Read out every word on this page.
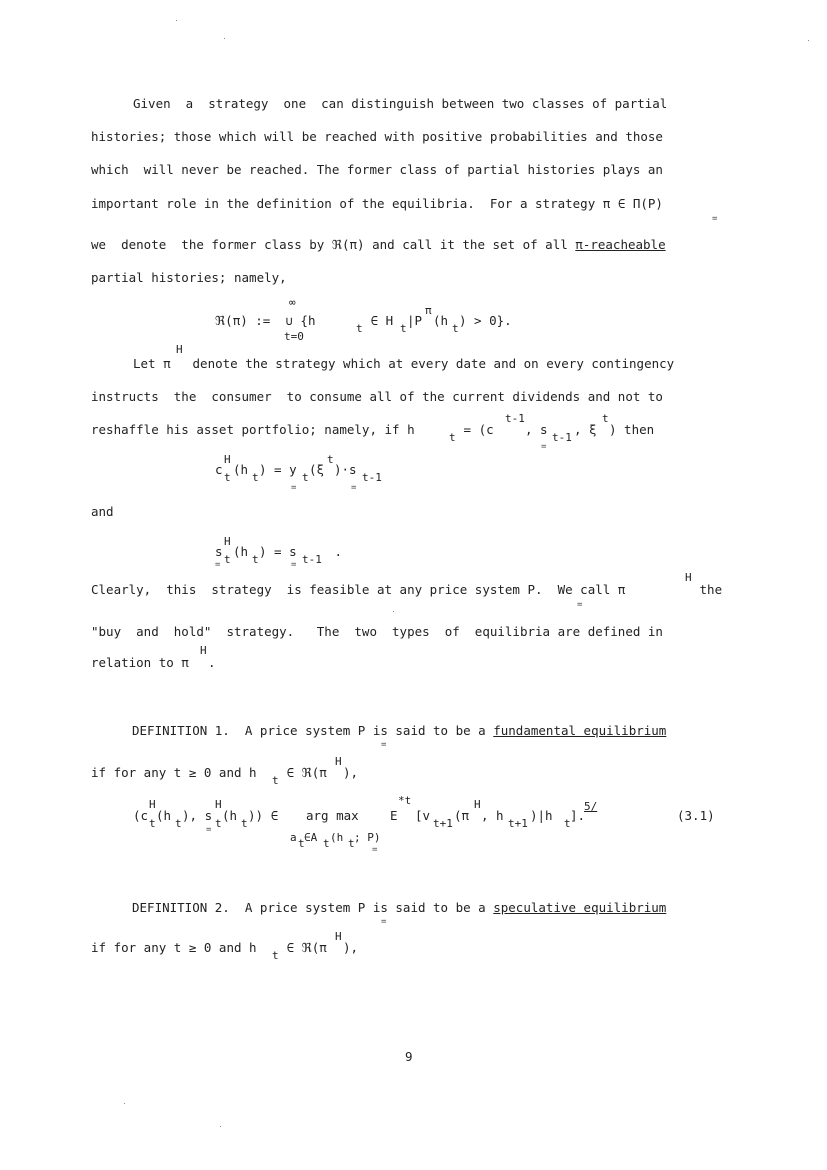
Given  a  strategy  one  can distinguish between two classes of partial
histories; those which will be reached with positive probabilities and those
which  will never be reached. The former class of partial histories plays an
important role in the definition of the equilibria.  For a strategy π ∈ Π(P)
=
we  denote  the former class by ℜ(π) and call it the set of all π-reacheable
partial histories; namely,
∞
ℜ(π) :=  ∪ {h
t
∈ H
t
|P
π
(h
t
) > 0}.
t=0
Let π
H
denote the strategy which at every date and on every contingency
instructs  the  consumer  to consume all of the current dividends and not to
reshaffle his asset portfolio; namely, if h
t
= (c
t-1
, s
t-1
=
, ξ
t
) then
c
H
t
(h
t
) = y
t
=
(ξ
t
)·s
t-1
=
and
s
H
t
=
(h
t
) = s
t-1
=
.
Clearly,  this  strategy  is feasible at any price system P.  We call π
=
H
the
"buy  and  hold"  strategy.   The  two  types  of  equilibria are defined in
relation to π
H
.
DEFINITION 1.  A price system P is said to be a fundamental equilibrium
=
if for any t ≥ 0 and h
t
∈ ℜ(π
H
),
(c
H
t
(h
t
), s
H
t
=
(h
t
)) ∈ arg max
a t ∈A t (h t ; P)
=
E
*t
[v
t+1
(π
H
, h
t+1
)|h
t
].
5/
(3.1)
DEFINITION 2.  A price system P is said to be a speculative equilibrium
=
if for any t ≥ 0 and h
t
∈ ℜ(π
H
),
9
